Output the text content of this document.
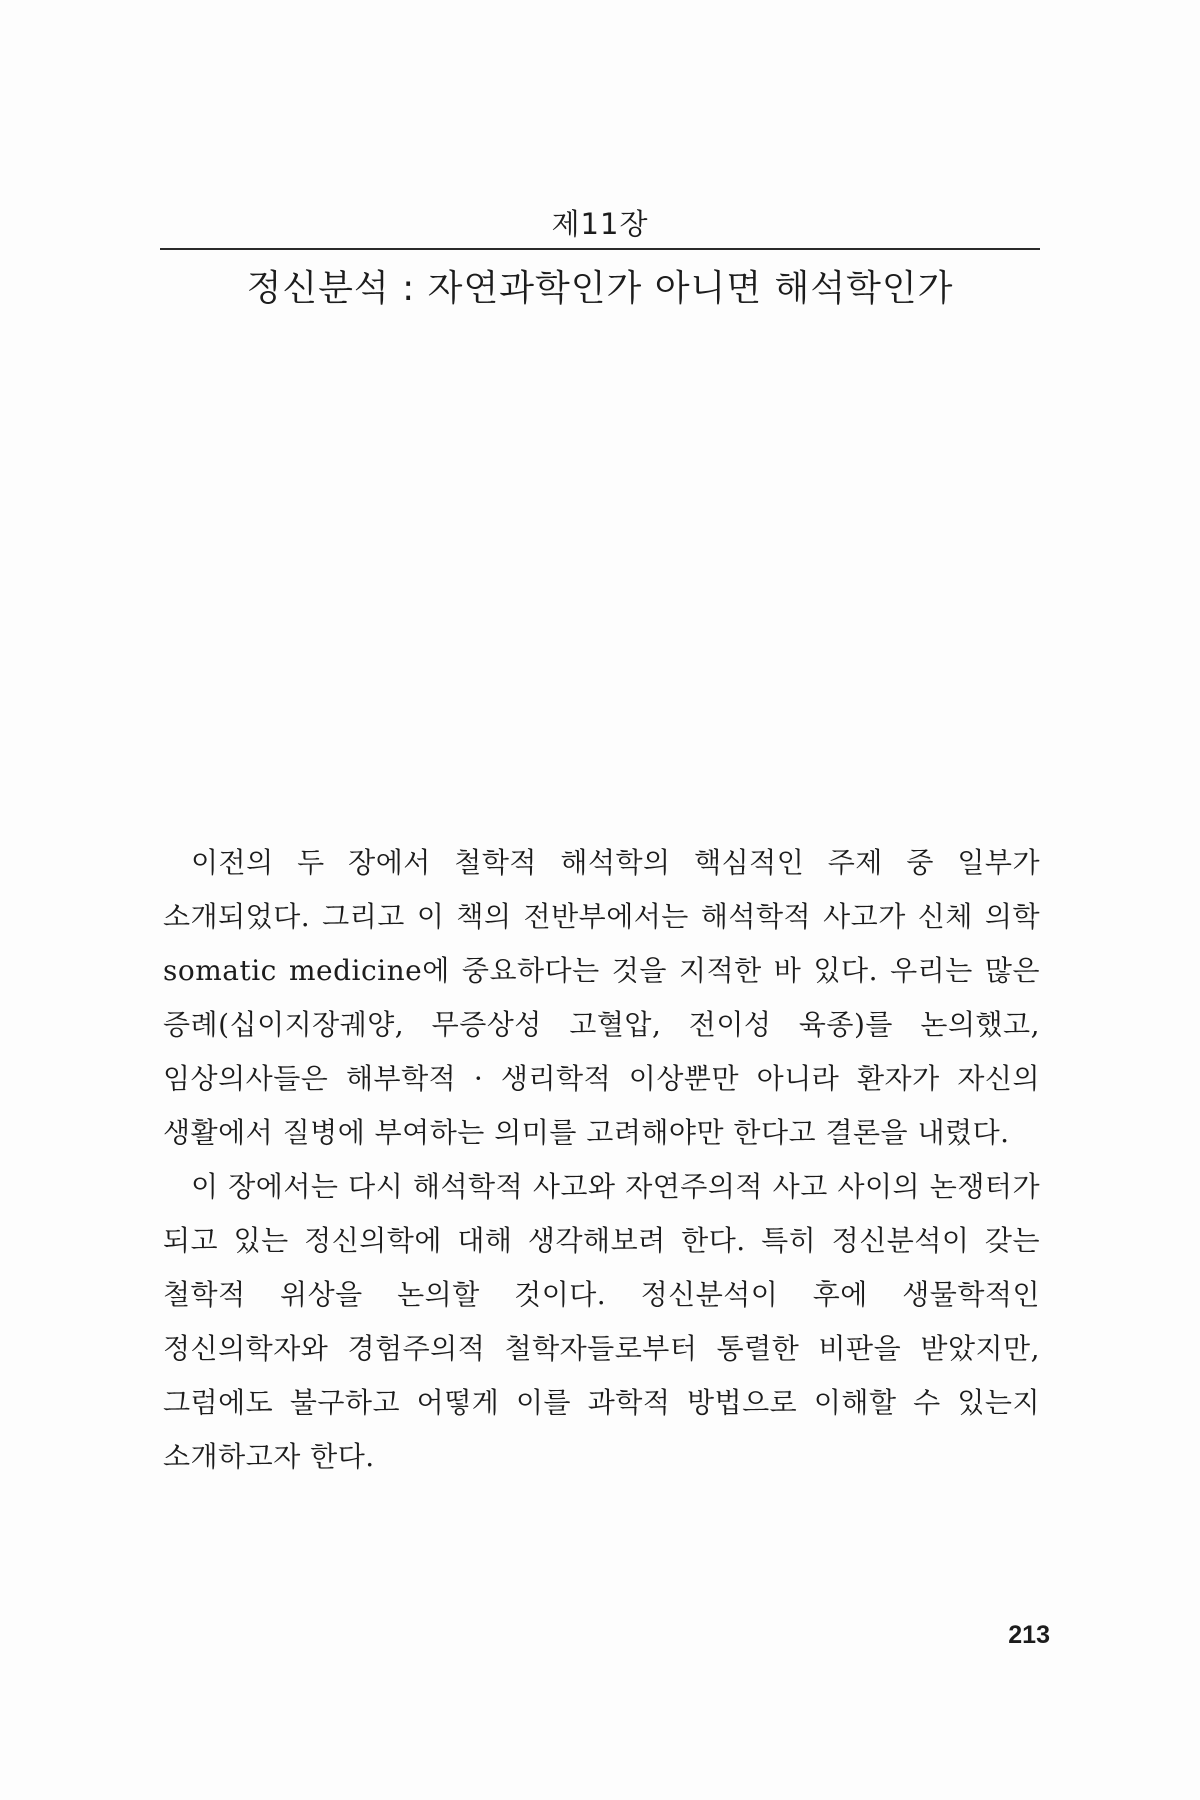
제11장
정신분석 : 자연과학인가 아니면 해석학인가

이전의 두 장에서 철학적 해석학의 핵심적인 주제 중 일부가 소개되었다. 그리고 이 책의 전반부에서는 해석학적 사고가 신체 의학 somatic medicine에 중요하다는 것을 지적한 바 있다. 우리는 많은 증례(십이지장궤양, 무증상성 고혈압, 전이성 육종)를 논의했고, 임상의사들은 해부학적 · 생리학적 이상뿐만 아니라 환자가 자신의 생활에서 질병에 부여하는 의미를 고려해야만 한다고 결론을 내렸다.

이 장에서는 다시 해석학적 사고와 자연주의적 사고 사이의 논쟁터가 되고 있는 정신의학에 대해 생각해보려 한다. 특히 정신분석이 갖는 철학적 위상을 논의할 것이다. 정신분석이 후에 생물학적인 정신의학자와 경험주의적 철학자들로부터 통렬한 비판을 받았지만, 그럼에도 불구하고 어떻게 이를 과학적 방법으로 이해할 수 있는지 소개하고자 한다.

213
